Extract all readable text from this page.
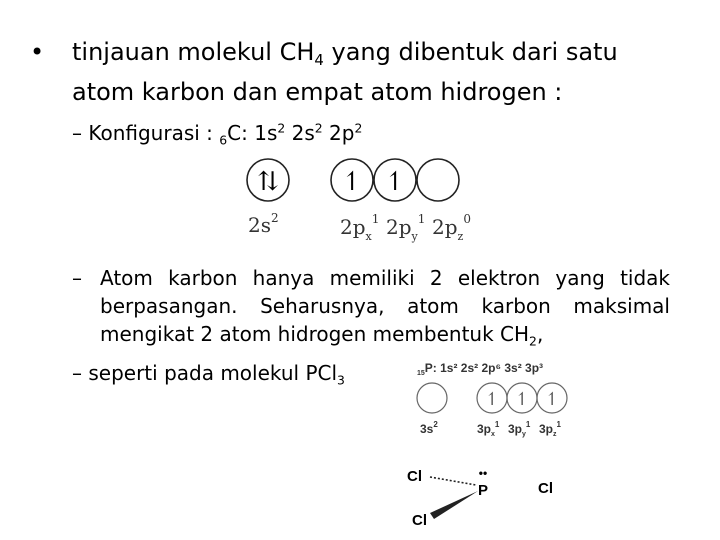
• tinjauan molekul $CH_4$ yang dibentuk dari satu
atom karbon dan empat atom hidrogen :
– Konfigurasi : $_6$C: $1s^2$ $2s^2$ $2p^2$
⇅ ↿ ↿
$2s^2$	$2p_x^1$ $2p_y^1$ $2p_z^0$
– Atom karbon hanya memiliki 2 elektron yang tidak
berpasangan. Seharusnya, atom karbon maksimal
mengikat 2 atom hidrogen membentuk $CH_2$,
– seperti pada molekul PCl$_3$	$_{15}$P: 1s² 2s² 2p⁶ 3s² 3p³
↿ ↿ ↿
$3s^2$	$3p_x^1$ $3p_y^1$ $3p_z^1$
••
P
Cl
Cl
Cl
